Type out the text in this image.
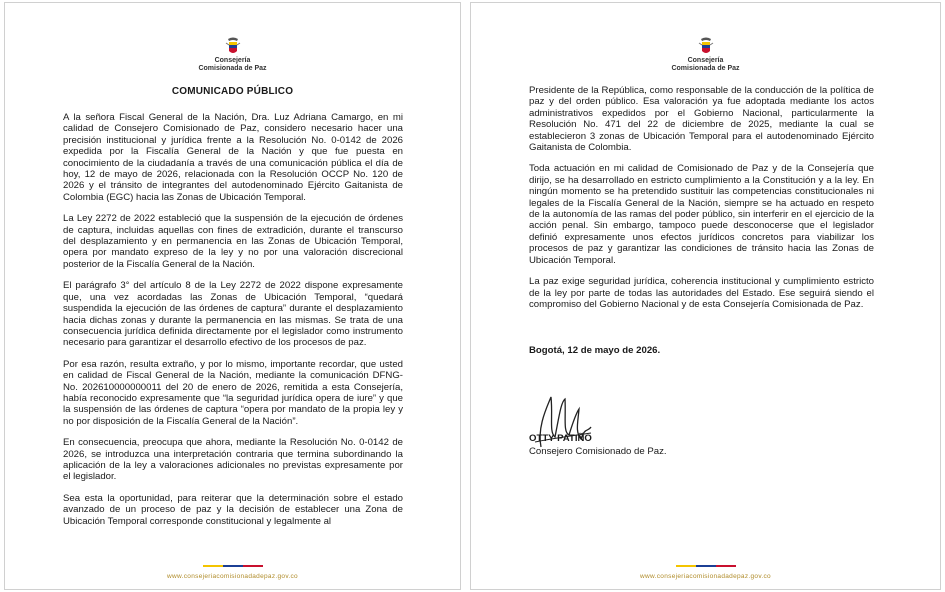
Consejería
Comisionada de Paz
COMUNICADO PÚBLICO

A la señora Fiscal General de la Nación, Dra. Luz Adriana Camargo, en mi calidad de Consejero Comisionado de Paz, considero necesario hacer una precisión institucional y jurídica frente a la Resolución No. 0-0142 de 2026 expedida por la Fiscalía General de la Nación y que fue puesta en conocimiento de la ciudadanía a través de una comunicación pública el día de hoy, 12 de mayo de 2026, relacionada con la Resolución OCCP No. 120 de 2026 y el tránsito de integrantes del autodenominado Ejército Gaitanista de Colombia (EGC) hacia las Zonas de Ubicación Temporal.

La Ley 2272 de 2022 estableció que la suspensión de la ejecución de órdenes de captura, incluidas aquellas con fines de extradición, durante el transcurso del desplazamiento y en permanencia en las Zonas de Ubicación Temporal, opera por mandato expreso de la ley y no por una valoración discrecional posterior de la Fiscalía General de la Nación.

El parágrafo 3° del artículo 8 de la Ley 2272 de 2022 dispone expresamente que, una vez acordadas las Zonas de Ubicación Temporal, “quedará suspendida la ejecución de las órdenes de captura” durante el desplazamiento hacia dichas zonas y durante la permanencia en las mismas. Se trata de una consecuencia jurídica definida directamente por el legislador como instrumento necesario para garantizar el desarrollo efectivo de los procesos de paz.

Por esa razón, resulta extraño, y por lo mismo, importante recordar, que usted en calidad de Fiscal General de la Nación, mediante la comunicación DFNG-No. 202610000000011 del 20 de enero de 2026, remitida a esta Consejería, había reconocido expresamente que “la seguridad jurídica opera de iure” y que la suspensión de las órdenes de captura “opera por mandato de la propia ley y no por disposición de la Fiscalía General de la Nación”.

En consecuencia, preocupa que ahora, mediante la Resolución No. 0-0142 de 2026, se introduzca una interpretación contraria que termina subordinando la aplicación de la ley a valoraciones adicionales no previstas expresamente por el legislador.

Sea esta la oportunidad, para reiterar que la determinación sobre el estado avanzado de un proceso de paz y la decisión de establecer una Zona de Ubicación Temporal corresponde constitucional y legalmente al

www.consejeriacomisionadadepaz.gov.co
Consejería
Comisionada de Paz

Presidente de la República, como responsable de la conducción de la política de paz y del orden público. Esa valoración ya fue adoptada mediante los actos administrativos expedidos por el Gobierno Nacional, particularmente la Resolución No. 471 del 22 de diciembre de 2025, mediante la cual se establecieron 3 zonas de Ubicación Temporal para el autodenominado Ejército Gaitanista de Colombia.

Toda actuación en mi calidad de Comisionado de Paz y de la Consejería que dirijo, se ha desarrollado en estricto cumplimiento a la Constitución y a la ley. En ningún momento se ha pretendido sustituir las competencias constitucionales ni legales de la Fiscalía General de la Nación, siempre se ha actuado en respeto de la autonomía de las ramas del poder público, sin interferir en el ejercicio de la acción penal. Sin embargo, tampoco puede desconocerse que el legislador definió expresamente unos efectos jurídicos concretos para viabilizar los procesos de paz y garantizar las condiciones de tránsito hacia las Zonas de Ubicación Temporal.

La paz exige seguridad jurídica, coherencia institucional y cumplimiento estricto de la ley por parte de todas las autoridades del Estado. Ese seguirá siendo el compromiso del Gobierno Nacional y de esta Consejería Comisionada de Paz.

Bogotá, 12 de mayo de 2026.
OTTY PATIÑO
Consejero Comisionado de Paz.
www.consejeriacomisionadadepaz.gov.co
